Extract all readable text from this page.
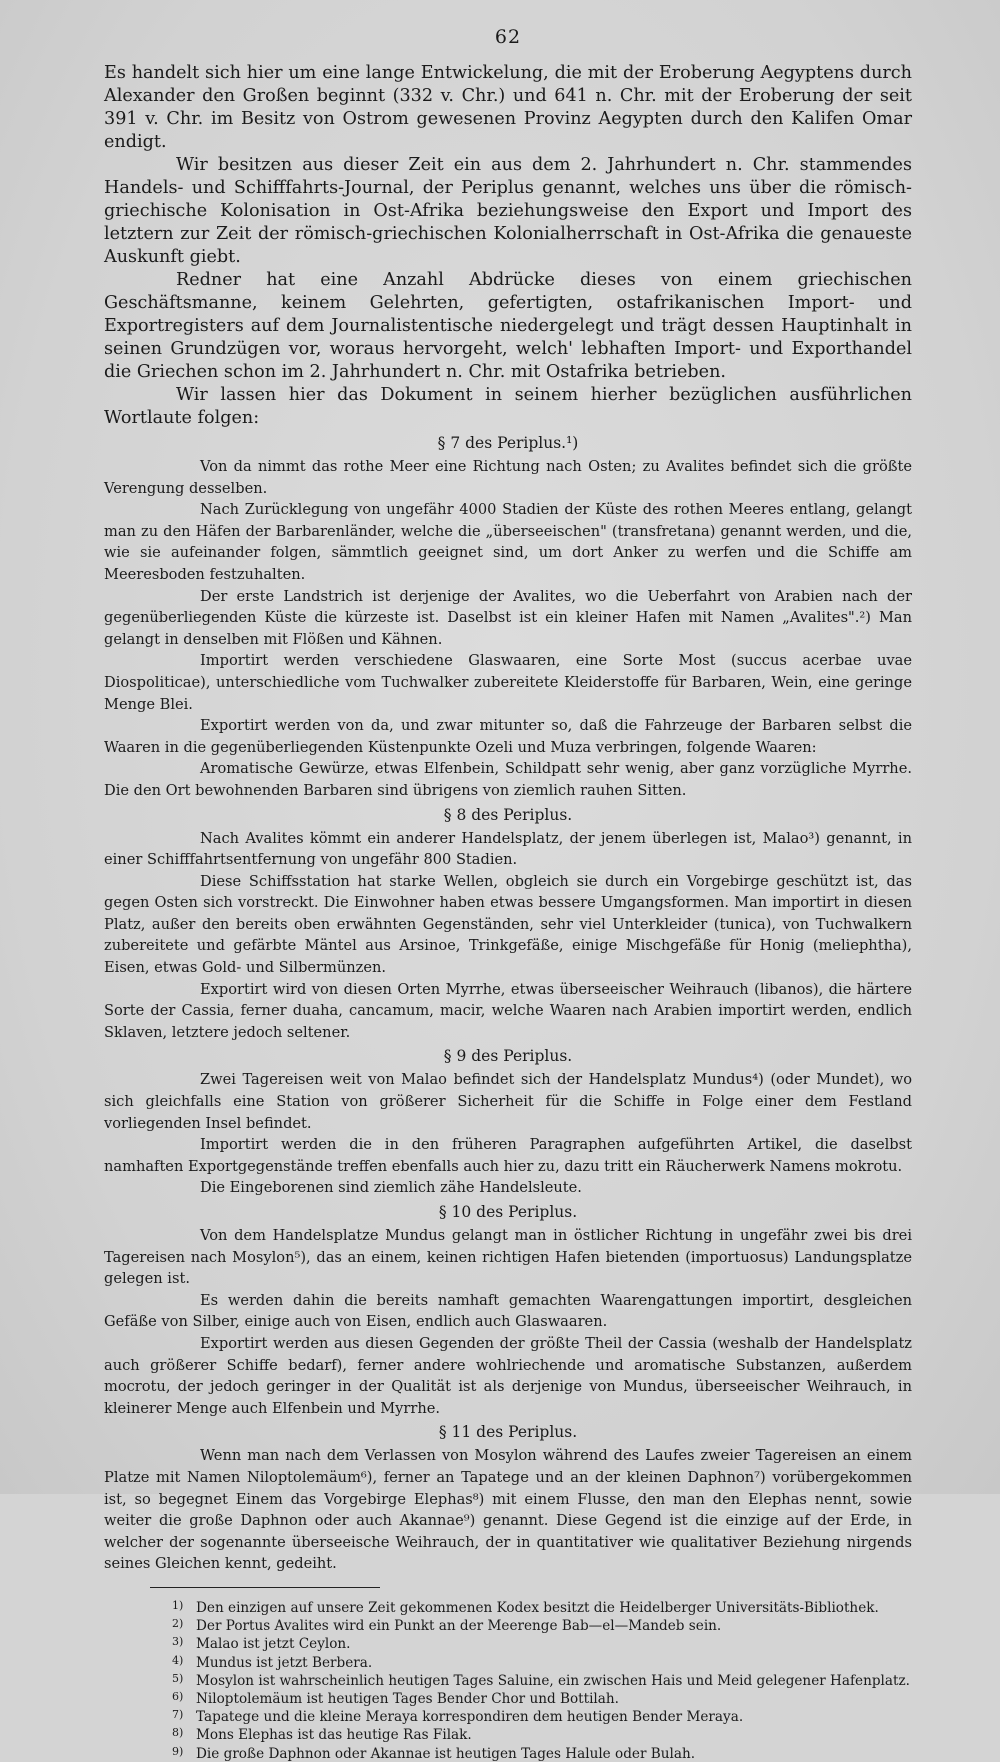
62

Es handelt sich hier um eine lange Entwickelung, die mit der Eroberung Aegyptens durch Alexander den Großen beginnt (332 v. Chr.) und 641 n. Chr. mit der Eroberung der seit 391 v. Chr. im Besitz von Ostrom gewesenen Provinz Aegypten durch den Kalifen Omar endigt.

Wir besitzen aus dieser Zeit ein aus dem 2. Jahrhundert n. Chr. stammendes Handels- und Schifffahrts-Journal, der Periplus genannt, welches uns über die römisch-griechische Kolonisation in Ost-Afrika beziehungsweise den Export und Import des letztern zur Zeit der römisch-griechischen Kolonialherrschaft in Ost-Afrika die genaueste Auskunft giebt.

Redner hat eine Anzahl Abdrücke dieses von einem griechischen Geschäftsmanne, keinem Gelehrten, gefertigten, ostafrikanischen Import- und Exportregisters auf dem Journalistentische niedergelegt und trägt dessen Hauptinhalt in seinen Grundzügen vor, woraus hervorgeht, welch' lebhaften Import- und Exporthandel die Griechen schon im 2. Jahrhundert n. Chr. mit Ostafrika betrieben.

Wir lassen hier das Dokument in seinem hierher bezüglichen ausführlichen Wortlaute folgen:

§ 7 des Periplus.¹)

Von da nimmt das rothe Meer eine Richtung nach Osten; zu Avalites befindet sich die größte Verengung desselben.

Nach Zurücklegung von ungefähr 4000 Stadien der Küste des rothen Meeres entlang, gelangt man zu den Häfen der Barbarenländer, welche die „überseeischen" (transfretana) genannt werden, und die, wie sie aufeinander folgen, sämmtlich geeignet sind, um dort Anker zu werfen und die Schiffe am Meeresboden festzuhalten.

Der erste Landstrich ist derjenige der Avalites, wo die Ueberfahrt von Arabien nach der gegenüberliegenden Küste die kürzeste ist. Daselbst ist ein kleiner Hafen mit Namen „Avalites".²) Man gelangt in denselben mit Flößen und Kähnen.

Importirt werden verschiedene Glaswaaren, eine Sorte Most (succus acerbae uvae Diospoliticae), unterschiedliche vom Tuchwalker zubereitete Kleiderstoffe für Barbaren, Wein, eine geringe Menge Blei.

Exportirt werden von da, und zwar mitunter so, daß die Fahrzeuge der Barbaren selbst die Waaren in die gegenüberliegenden Küstenpunkte Ozeli und Muza verbringen, folgende Waaren:

Aromatische Gewürze, etwas Elfenbein, Schildpatt sehr wenig, aber ganz vorzügliche Myrrhe. Die den Ort bewohnenden Barbaren sind übrigens von ziemlich rauhen Sitten.

§ 8 des Periplus.

Nach Avalites kömmt ein anderer Handelsplatz, der jenem überlegen ist, Malao³) genannt, in einer Schifffahrtsentfernung von ungefähr 800 Stadien.

Diese Schiffsstation hat starke Wellen, obgleich sie durch ein Vorgebirge geschützt ist, das gegen Osten sich vorstreckt. Die Einwohner haben etwas bessere Umgangsformen. Man importirt in diesen Platz, außer den bereits oben erwähnten Gegenständen, sehr viel Unterkleider (tunica), von Tuchwalkern zubereitete und gefärbte Mäntel aus Arsinoe, Trinkgefäße, einige Mischgefäße für Honig (meliephtha), Eisen, etwas Gold- und Silbermünzen.

Exportirt wird von diesen Orten Myrrhe, etwas überseeischer Weihrauch (libanos), die härtere Sorte der Cassia, ferner duaha, cancamum, macir, welche Waaren nach Arabien importirt werden, endlich Sklaven, letztere jedoch seltener.

§ 9 des Periplus.

Zwei Tagereisen weit von Malao befindet sich der Handelsplatz Mundus⁴) (oder Mundet), wo sich gleichfalls eine Station von größerer Sicherheit für die Schiffe in Folge einer dem Festland vorliegenden Insel befindet.

Importirt werden die in den früheren Paragraphen aufgeführten Artikel, die daselbst namhaften Exportgegenstände treffen ebenfalls auch hier zu, dazu tritt ein Räucherwerk Namens mokrotu.

Die Eingeborenen sind ziemlich zähe Handelsleute.

§ 10 des Periplus.

Von dem Handelsplatze Mundus gelangt man in östlicher Richtung in ungefähr zwei bis drei Tagereisen nach Mosylon⁵), das an einem, keinen richtigen Hafen bietenden (importuosus) Landungsplatze gelegen ist.

Es werden dahin die bereits namhaft gemachten Waarengattungen importirt, desgleichen Gefäße von Silber, einige auch von Eisen, endlich auch Glaswaaren.

Exportirt werden aus diesen Gegenden der größte Theil der Cassia (weshalb der Handelsplatz auch größerer Schiffe bedarf), ferner andere wohlriechende und aromatische Substanzen, außerdem mocrotu, der jedoch geringer in der Qualität ist als derjenige von Mundus, überseeischer Weihrauch, in kleinerer Menge auch Elfenbein und Myrrhe.

§ 11 des Periplus.

Wenn man nach dem Verlassen von Mosylon während des Laufes zweier Tagereisen an einem Platze mit Namen Niloptolemäum⁶), ferner an Tapatege und an der kleinen Daphnon⁷) vorübergekommen ist, so begegnet Einem das Vorgebirge Elephas⁸) mit einem Flusse, den man den Elephas nennt, sowie weiter die große Daphnon oder auch Akannae⁹) genannt. Diese Gegend ist die einzige auf der Erde, in welcher der sogenannte überseeische Weihrauch, der in quantitativer wie qualitativer Beziehung nirgends seines Gleichen kennt, gedeiht.

1) Den einzigen auf unsere Zeit gekommenen Kodex besitzt die Heidelberger Universitäts-Bibliothek.

2) Der Portus Avalites wird ein Punkt an der Meerenge Bab—el—Mandeb sein.

3) Malao ist jetzt Ceylon.

4) Mundus ist jetzt Berbera.

5) Mosylon ist wahrscheinlich heutigen Tages Saluine, ein zwischen Hais und Meid gelegener Hafenplatz.

6) Niloptolemäum ist heutigen Tages Bender Chor und Bottilah.

7) Tapatege und die kleine Meraya korrespondiren dem heutigen Bender Meraya.

8) Mons Elephas ist das heutige Ras Filak.

9) Die große Daphnon oder Akannae ist heutigen Tages Halule oder Bulah.
